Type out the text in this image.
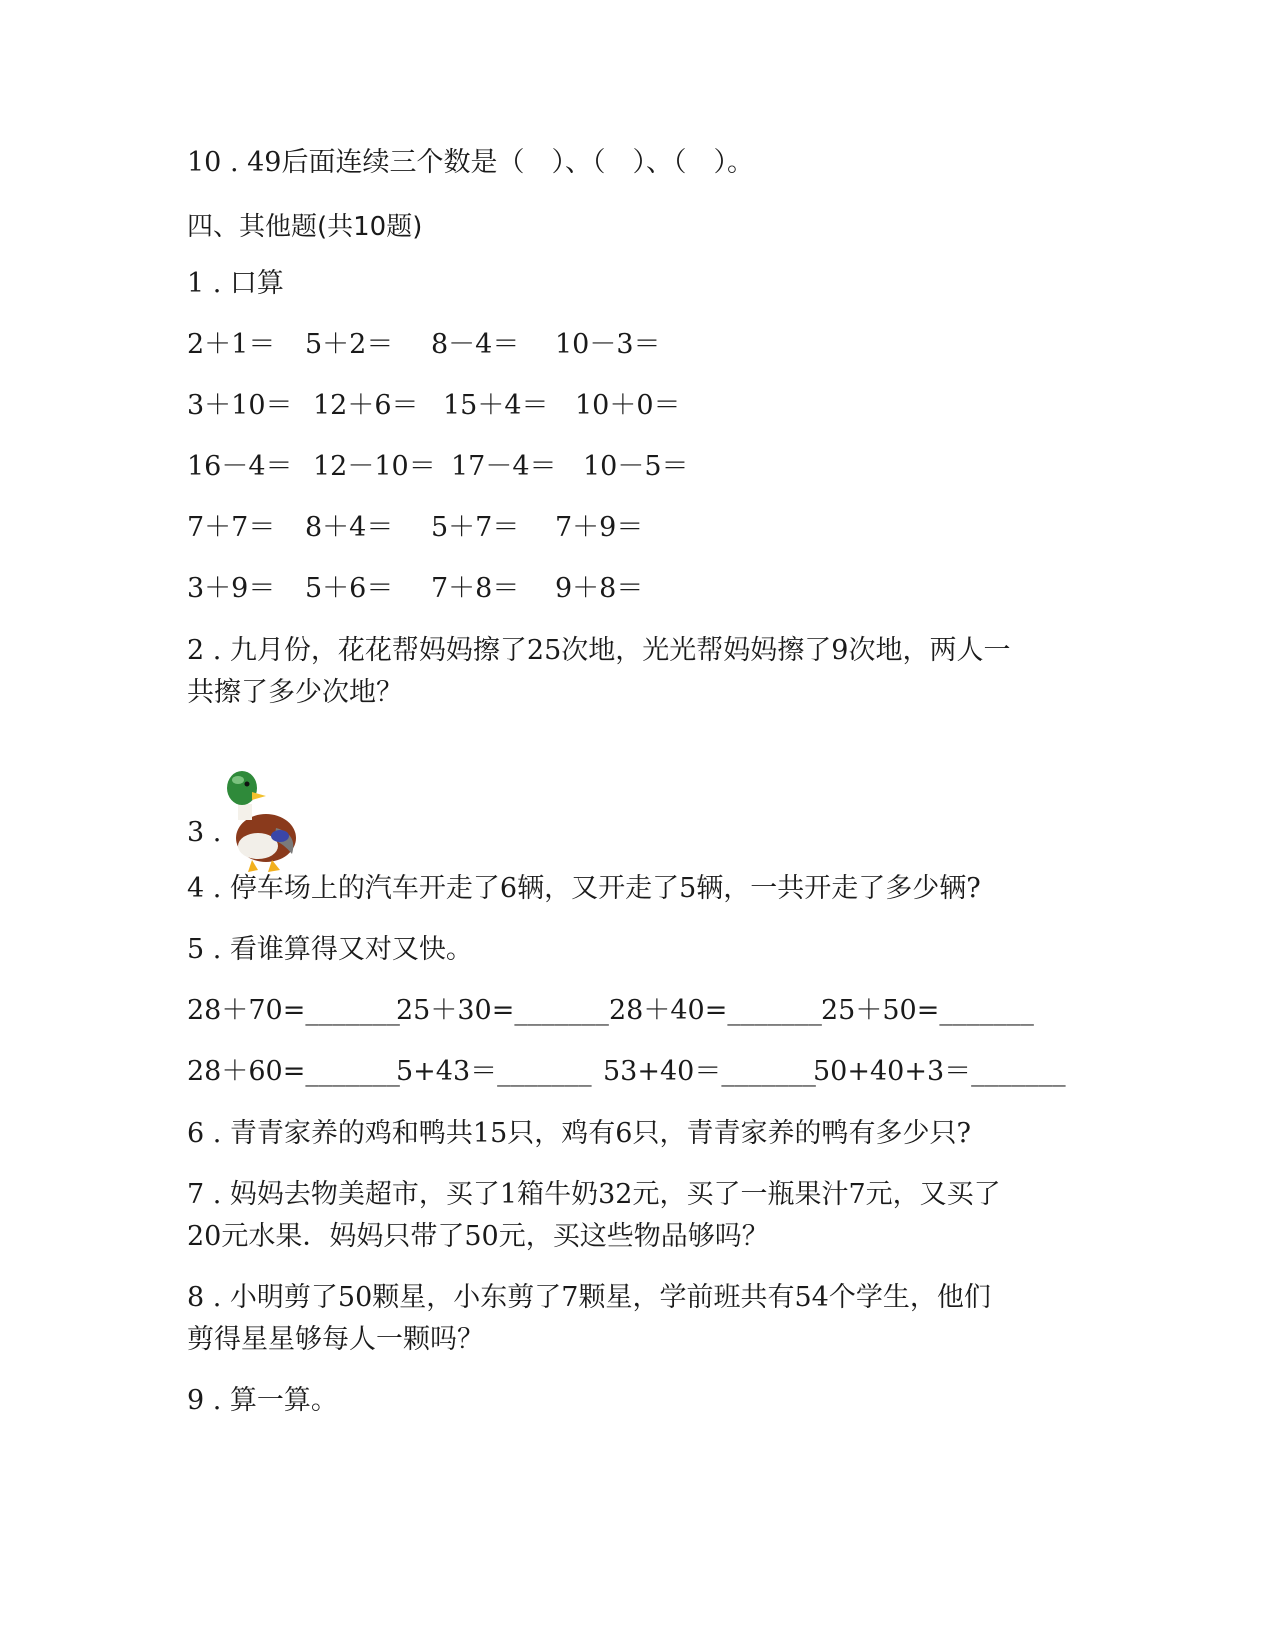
10 . 49后面连续三个数是（　）、（　）、（　）。
四、其他题(共10题)
1 . 口算

2＋1＝

5＋2＝

8－4＝

10－3＝

3＋10＝

12＋6＝

15＋4＝

10＋0＝

16－4＝

12－10＝

17－4＝

10－5＝

7＋7＝

8＋4＝

5＋7＝

7＋9＝

3＋9＝

5＋6＝

7＋8＝

9＋8＝

2 . 九月份，花花帮妈妈擦了25次地，光光帮妈妈擦了9次地，两人一
共擦了多少次地？
3 .
4 . 停车场上的汽车开走了6辆，又开走了5辆，一共开走了多少辆?
5 . 看谁算得又对又快。

28＋70=_______

25＋30=_______

28＋40=_______

25＋50=_______

28＋60=_______

5+43＝_______

53+40＝_______

50+40+3＝_______

6 . 青青家养的鸡和鸭共15只，鸡有6只，青青家养的鸭有多少只?
7 . 妈妈去物美超市，买了1箱牛奶32元，买了一瓶果汁7元，又买了
20元水果．妈妈只带了50元，买这些物品够吗？
8 . 小明剪了50颗星，小东剪了7颗星，学前班共有54个学生，他们
剪得星星够每人一颗吗？
9 . 算一算。
